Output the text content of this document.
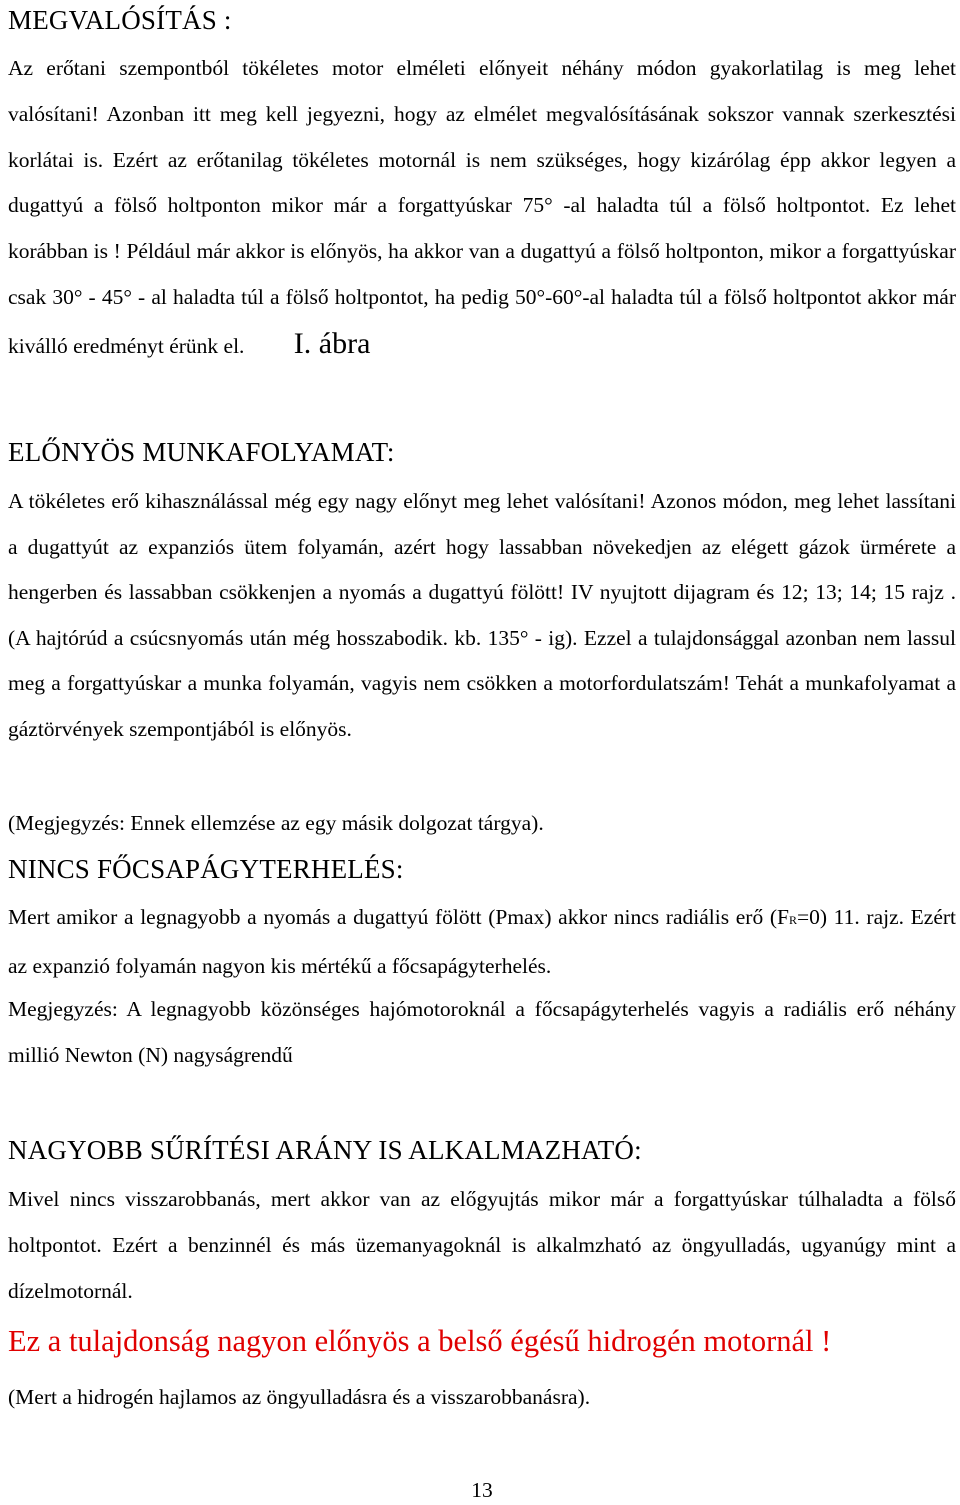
MEGVALÓSÍTÁS :
Az erőtani szempontból tökéletes motor elméleti előnyeit néhány módon gyakorlatilag is meg lehet valósítani! Azonban itt meg kell jegyezni, hogy az elmélet megvalósításának sokszor vannak szerkesztési korlátai is. Ezért az erőtanilag tökéletes motornál is nem szükséges, hogy kizárólag épp akkor legyen a dugattyú a fölső holtponton mikor már a forgattyúskar 75° -al haladta túl a fölső holtpontot. Ez lehet korábban is ! Például már akkor is előnyös, ha akkor van a dugattyú a fölső holtponton, mikor a forgattyúskar csak 30° - 45° - al haladta túl a fölső holtpontot, ha pedig 50°-60°-al haladta túl a fölső holtpontot akkor már kiválló eredményt érünk el. I. ábra
ELŐNYÖS MUNKAFOLYAMAT:
A tökéletes erő kihasználással még egy nagy előnyt meg lehet valósítani! Azonos módon, meg lehet lassítani a dugattyút az expanziós ütem folyamán, azért hogy lassabban növekedjen az elégett gázok ürmérete a hengerben és lassabban csökkenjen a nyomás a dugattyú fölött! IV nyujtott dijagram és 12; 13; 14; 15 rajz . (A hajtórúd a csúcsnyomás után még hosszabodik. kb. 135° - ig). Ezzel a tulajdonsággal azonban nem lassul meg a forgattyúskar a munka folyamán, vagyis nem csökken a motorfordulatszám! Tehát a munkafolyamat a gáztörvények szempontjából is előnyös.
(Megjegyzés: Ennek ellemzése az egy másik dolgozat tárgya).
NINCS FŐCSAPÁGYTERHELÉS:
Mert amikor a legnagyobb a nyomás a dugattyú fölött (Pmax) akkor nincs radiális erő (FR=0) 11. rajz. Ezért az expanzió folyamán nagyon kis mértékű a főcsapágyterhelés.
Megjegyzés: A legnagyobb közönséges hajómotoroknál a főcsapágyterhelés vagyis a radiális erő néhány millió Newton (N) nagyságrendű
NAGYOBB SŰRÍTÉSI ARÁNY IS ALKALMAZHATÓ:
Mivel nincs visszarobbanás, mert akkor van az előgyujtás mikor már a forgattyúskar túlhaladta a fölső holtpontot. Ezért a benzinnél és más üzemanyagoknál is alkalmzható az öngyulladás, ugyanúgy mint a dízelmotornál.
Ez a tulajdonság nagyon előnyös a belső égésű hidrogén motornál !
(Mert a hidrogén hajlamos az öngyulladásra és a visszarobbanásra).
13
